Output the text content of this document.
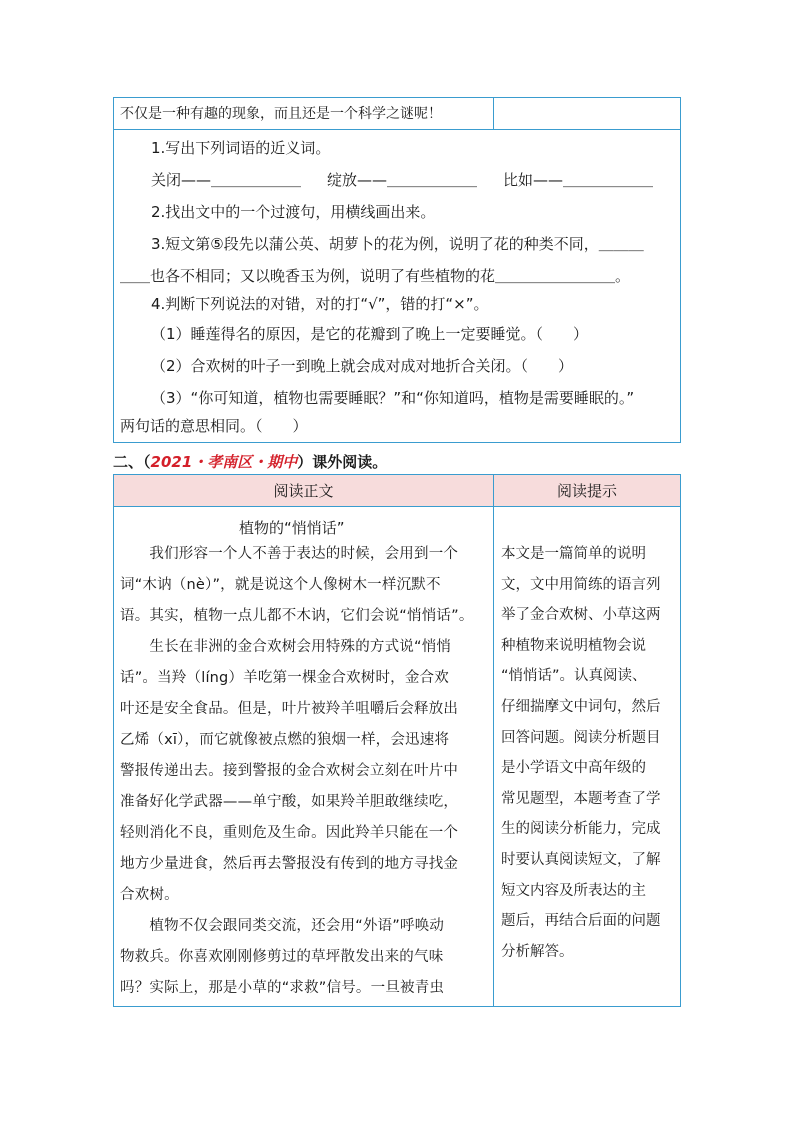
不仅是一种有趣的现象，而且还是一个科学之谜呢！
1.写出下列词语的近义词。
关闭——＿＿＿＿＿＿ 绽放——＿＿＿＿＿＿ 比如——＿＿＿＿＿＿
2.找出文中的一个过渡句，用横线画出来。
3.短文第⑤段先以蒲公英、胡萝卜的花为例，说明了花的种类不同，＿＿＿
＿＿也各不相同；又以晚香玉为例，说明了有些植物的花＿＿＿＿＿＿＿＿。
4.判断下列说法的对错，对的打“√”，错的打“×”。
（1）睡莲得名的原因，是它的花瓣到了晚上一定要睡觉。（　　）
（2）合欢树的叶子一到晚上就会成对成对地折合关闭。（　　）
（3）“你可知道，植物也需要睡眠？”和“你知道吗，植物是需要睡眠的。”
两句话的意思相同。（　　）
二、（2021・孝南区・期中）课外阅读。
阅读正文	阅读提示
植物的“悄悄话”
　　我们形容一个人不善于表达的时候，会用到一个
词“木讷（nè）”，就是说这个人像树木一样沉默不
语。其实，植物一点儿都不木讷，它们会说“悄悄话”。
　　生长在非洲的金合欢树会用特殊的方式说“悄悄
话”。当羚（líng）羊吃第一棵金合欢树时，金合欢
叶还是安全食品。但是，叶片被羚羊咀嚼后会释放出
乙烯（xī），而它就像被点燃的狼烟一样，会迅速将
警报传递出去。接到警报的金合欢树会立刻在叶片中
准备好化学武器——单宁酸，如果羚羊胆敢继续吃，
轻则消化不良，重则危及生命。因此羚羊只能在一个
地方少量进食，然后再去警报没有传到的地方寻找金
合欢树。
　　植物不仅会跟同类交流，还会用“外语”呼唤动
物救兵。你喜欢刚刚修剪过的草坪散发出来的气味
吗？实际上，那是小草的“求救”信号。一旦被青虫
本文是一篇简单的说明
文，文中用简练的语言列
举了金合欢树、小草这两
种植物来说明植物会说
“悄悄话”。认真阅读、
仔细揣摩文中词句，然后
回答问题。阅读分析题目
是小学语文中高年级的
常见题型，本题考查了学
生的阅读分析能力，完成
时要认真阅读短文，了解
短文内容及所表达的主
题后，再结合后面的问题
分析解答。
